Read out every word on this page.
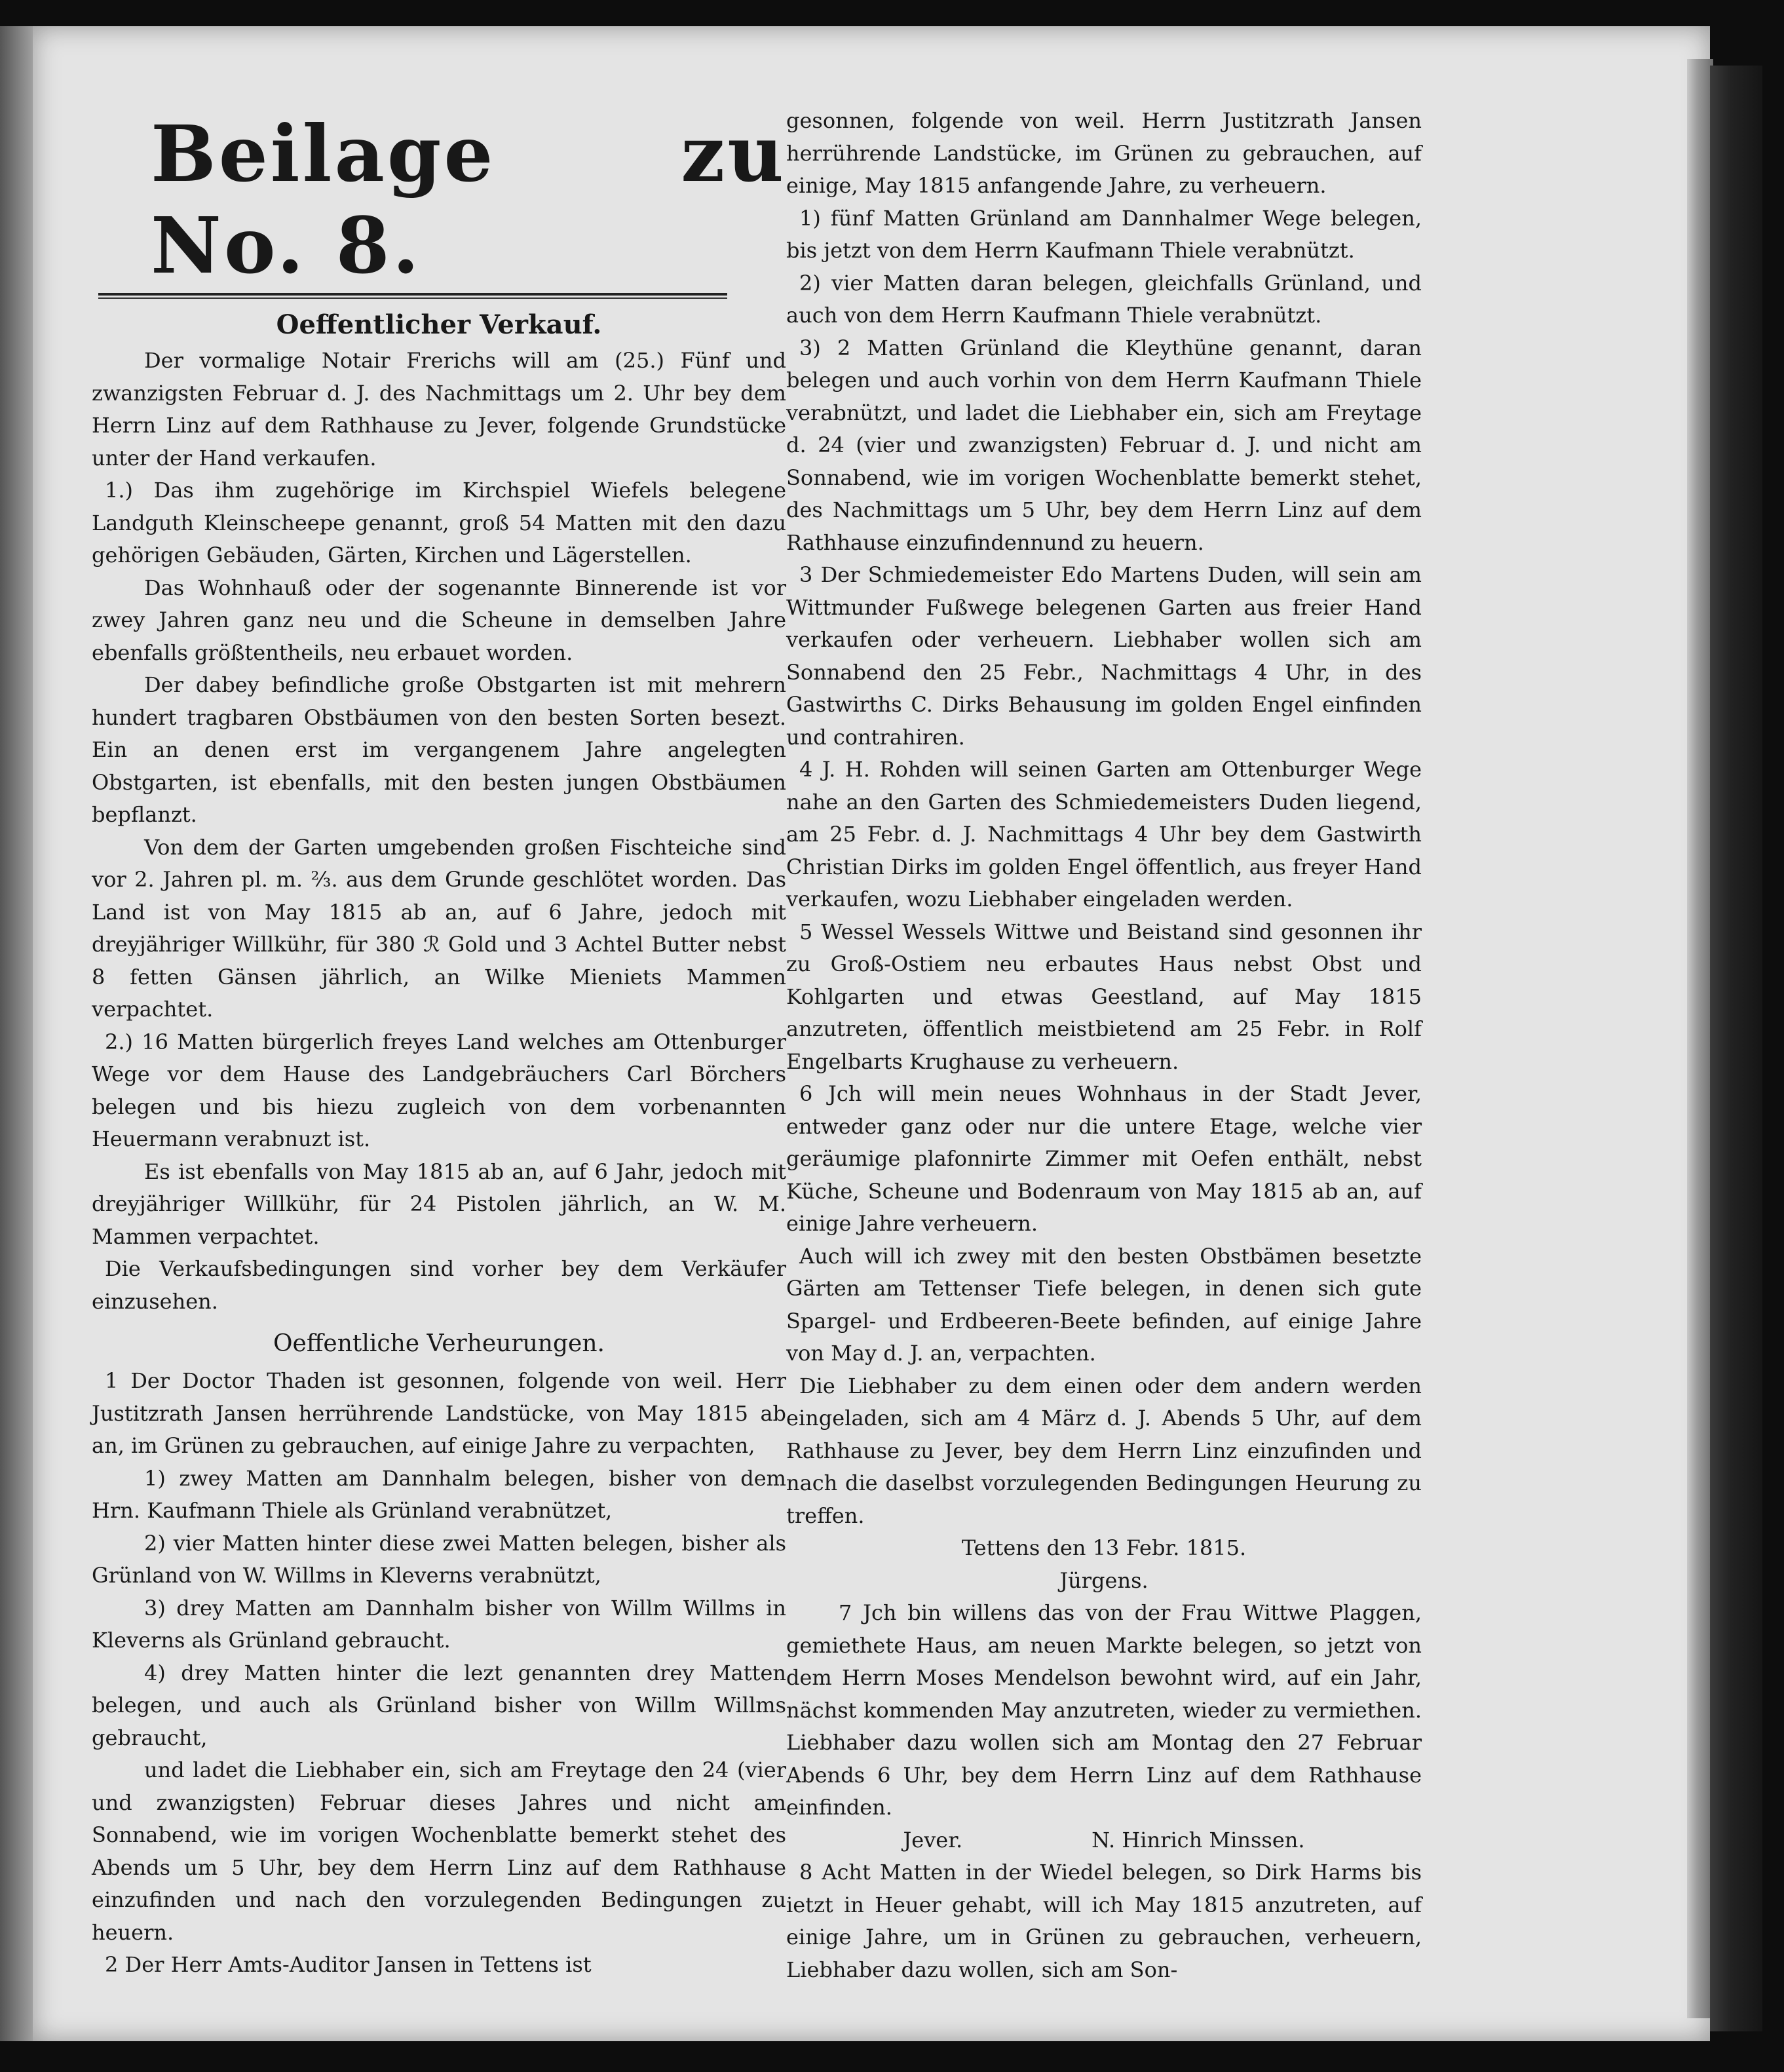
Beilage zu No. 8.
Oeffentlicher Verkauf.

Der vormalige Notair Frerichs will am (25.) Fünf und zwanzigsten Februar d. J. des Nachmittags um 2. Uhr bey dem Herrn Linz auf dem Rathhause zu Jever, folgende Grundstücke unter der Hand verkaufen.

1.) Das ihm zugehörige im Kirchspiel Wiefels belegene Landguth Kleinscheepe genannt, groß 54 Matten mit den dazu gehörigen Gebäuden, Gärten, Kirchen und Lägerstellen.

Das Wohnhauß oder der sogenannte Binnerende ist vor zwey Jahren ganz neu und die Scheune in demselben Jahre ebenfalls größtentheils, neu erbauet worden.

Der dabey befindliche große Obstgarten ist mit mehrern hundert tragbaren Obstbäumen von den besten Sorten besezt. Ein an denen erst im vergangenem Jahre angelegten Obstgarten, ist ebenfalls, mit den besten jungen Obstbäumen bepflanzt.

Von dem der Garten umgebenden großen Fischteiche sind vor 2. Jahren pl. m. ⅔. aus dem Grunde geschlötet worden. Das Land ist von May 1815 ab an, auf 6 Jahre, jedoch mit dreyjähriger Willkühr, für 380 ℛ Gold und 3 Achtel Butter nebst 8 fetten Gänsen jährlich, an Wilke Mieniets Mammen verpachtet.

2.) 16 Matten bürgerlich freyes Land welches am Ottenburger Wege vor dem Hause des Landgebräuchers Carl Börchers belegen und bis hiezu zugleich von dem vorbenannten Heuermann verabnuzt ist.

Es ist ebenfalls von May 1815 ab an, auf 6 Jahr, jedoch mit dreyjähriger Willkühr, für 24 Pistolen jährlich, an W. M. Mammen verpachtet.

Die Verkaufsbedingungen sind vorher bey dem Verkäufer einzusehen.

Oeffentliche Verheurungen.

1 Der Doctor Thaden ist gesonnen, folgende von weil. Herr Justitzrath Jansen herrührende Landstücke, von May 1815 ab an, im Grünen zu gebrauchen, auf einige Jahre zu verpachten,

1) zwey Matten am Dannhalm belegen, bisher von dem Hrn. Kaufmann Thiele als Grünland verabnützet,

2) vier Matten hinter diese zwei Matten belegen, bisher als Grünland von W. Willms in Kleverns verabnützt,

3) drey Matten am Dannhalm bisher von Willm Willms in Kleverns als Grünland gebraucht.

4) drey Matten hinter die lezt genannten drey Matten belegen, und auch als Grünland bisher von Willm Willms gebraucht,

und ladet die Liebhaber ein, sich am Freytage den 24 (vier und zwanzigsten) Februar dieses Jahres und nicht am Sonnabend, wie im vorigen Wochenblatte bemerkt stehet des Abends um 5 Uhr, bey dem Herrn Linz auf dem Rathhause einzufinden und nach den vorzulegenden Bedingungen zu heuern.

2 Der Herr Amts-Auditor Jansen in Tettens ist

gesonnen, folgende von weil. Herrn Justitzrath Jansen herrührende Landstücke, im Grünen zu gebrauchen, auf einige, May 1815 anfangende Jahre, zu verheuern.

1) fünf Matten Grünland am Dannhalmer Wege belegen, bis jetzt von dem Herrn Kaufmann Thiele verabnützt.

2) vier Matten daran belegen, gleichfalls Grünland, und auch von dem Herrn Kaufmann Thiele verabnützt.

3) 2 Matten Grünland die Kleythüne genannt, daran belegen und auch vorhin von dem Herrn Kaufmann Thiele verabnützt, und ladet die Liebhaber ein, sich am Freytage d. 24 (vier und zwanzigsten) Februar d. J. und nicht am Sonnabend, wie im vorigen Wochenblatte bemerkt stehet, des Nachmittags um 5 Uhr, bey dem Herrn Linz auf dem Rathhause einzufindennund zu heuern.

3 Der Schmiedemeister Edo Martens Duden, will sein am Wittmunder Fußwege belegenen Garten aus freier Hand verkaufen oder verheuern. Liebhaber wollen sich am Sonnabend den 25 Febr., Nachmittags 4 Uhr, in des Gastwirths C. Dirks Behausung im golden Engel einfinden und contrahiren.

4 J. H. Rohden will seinen Garten am Ottenburger Wege nahe an den Garten des Schmiedemeisters Duden liegend, am 25 Febr. d. J. Nachmittags 4 Uhr bey dem Gastwirth Christian Dirks im golden Engel öffentlich, aus freyer Hand verkaufen, wozu Liebhaber eingeladen werden.

5 Wessel Wessels Wittwe und Beistand sind gesonnen ihr zu Groß-Ostiem neu erbautes Haus nebst Obst und Kohlgarten und etwas Geestland, auf May 1815 anzutreten, öffentlich meistbietend am 25 Febr. in Rolf Engelbarts Krughause zu verheuern.

6 Jch will mein neues Wohnhaus in der Stadt Jever, entweder ganz oder nur die untere Etage, welche vier geräumige plafonnirte Zimmer mit Oefen enthält, nebst Küche, Scheune und Bodenraum von May 1815 ab an, auf einige Jahre verheuern.

Auch will ich zwey mit den besten Obstbämen besetzte Gärten am Tettenser Tiefe belegen, in denen sich gute Spargel- und Erdbeeren-Beete befinden, auf einige Jahre von May d. J. an, verpachten.

Die Liebhaber zu dem einen oder dem andern werden eingeladen, sich am 4 März d. J. Abends 5 Uhr, auf dem Rathhause zu Jever, bey dem Herrn Linz einzufinden und nach die daselbst vorzulegenden Bedingungen Heurung zu treffen.

Tettens den 13 Febr. 1815.

Jürgens.

7 Jch bin willens das von der Frau Wittwe Plaggen, gemiethete Haus, am neuen Markte belegen, so jetzt von dem Herrn Moses Mendelson bewohnt wird, auf ein Jahr, nächst kommenden May anzutreten, wieder zu vermiethen. Liebhaber dazu wollen sich am Montag den 27 Februar Abends 6 Uhr, bey dem Herrn Linz auf dem Rathhause einfinden.

Jever.	N. Hinrich Minssen.

8 Acht Matten in der Wiedel belegen, so Dirk Harms bis ietzt in Heuer gehabt, will ich May 1815 anzutreten, auf einige Jahre, um in Grünen zu gebrauchen, verheuern, Liebhaber dazu wollen, sich am Son-
